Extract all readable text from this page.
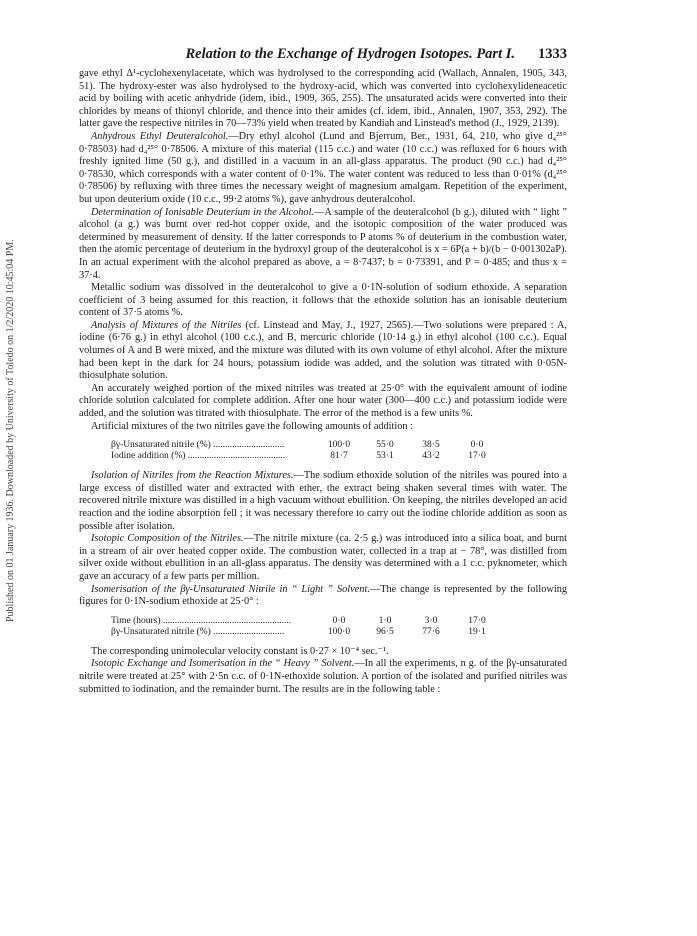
Published on 01 January 1936. Downloaded by University of Toledo on 1/2/2020 10:45:04 PM.
Relation to the Exchange of Hydrogen Isotopes. Part I. 1333

gave ethyl Δ¹-cyclohexenylacetate, which was hydrolysed to the corresponding acid (Wallach, Annalen, 1905, 343, 51). The hydroxy-ester was also hydrolysed to the hydroxy-acid, which was converted into cyclohexylideneacetic acid by boiling with acetic anhydride (idem, ibid., 1909, 365, 255). The unsaturated acids were converted into their chlorides by means of thionyl chloride, and thence into their amides (cf. idem, ibid., Annalen, 1907, 353, 292). The latter gave the respective nitriles in 70—73% yield when treated by Kandiah and Linstead's method (J., 1929, 2139).

Anhydrous Ethyl Deuteralcohol.—Dry ethyl alcohol (Lund and Bjerrum, Ber., 1931, 64, 210, who give d₄²⁵° 0·78503) had d₄²⁵° 0·78506. A mixture of this material (115 c.c.) and water (10 c.c.) was refluxed for 6 hours with freshly ignited lime (50 g.), and distilled in a vacuum in an all-glass apparatus. The product (90 c.c.) had d₄²⁵° 0·78530, which corresponds with a water content of 0·1%. The water content was reduced to less than 0·01% (d₄²⁵° 0·78506) by refluxing with three times the necessary weight of magnesium amalgam. Repetition of the experiment, but upon deuterium oxide (10 c.c., 99·2 atoms %), gave anhydrous deuteralcohol.

Determination of Ionisable Deuterium in the Alcohol.—A sample of the deuteralcohol (b g.), diluted with “ light ” alcohol (a g.) was burnt over red-hot copper oxide, and the isotopic composition of the water produced was determined by measurement of density. If the latter corresponds to P atoms % of deuterium in the combustion water, then the atomic percentage of deuterium in the hydroxyl group of the deuteralcohol is x = 6P(a + b)/(b − 0·001302aP). In an actual experiment with the alcohol prepared as above, a = 8·7437; b = 0·73391, and P = 0·485; and thus x = 37·4.

Metallic sodium was dissolved in the deuteralcohol to give a 0·1N-solution of sodium ethoxide. A separation coefficient of 3 being assumed for this reaction, it follows that the ethoxide solution has an ionisable deuterium content of 37·5 atoms %.

Analysis of Mixtures of the Nitriles (cf. Linstead and May, J., 1927, 2565).—Two solutions were prepared : A, iodine (6·76 g.) in ethyl alcohol (100 c.c.), and B, mercuric chloride (10·14 g.) in ethyl alcohol (100 c.c.). Equal volumes of A and B were mixed, and the mixture was diluted with its own volume of ethyl alcohol. After the mixture had been kept in the dark for 24 hours, potassium iodide was added, and the solution was titrated with 0·05N-thiosulphate solution.

An accurately weighed portion of the mixed nitriles was treated at 25·0° with the equivalent amount of iodine chloride solution calculated for complete addition. After one hour water (300—400 c.c.) and potassium iodide were added, and the solution was titrated with thiosulphate. The error of the method is a few units %.

Artificial mixtures of the two nitriles gave the following amounts of addition :

βγ-Unsaturated nitrile (%) ..............................	100·0	55·0	38·5	0·0
Iodine addition (%) .........................................	81·7	53·1	43·2	17·0

Isolation of Nitriles from the Reaction Mixtures.—The sodium ethoxide solution of the nitriles was poured into a large excess of distilled water and extracted with ether, the extract being shaken several times with water. The recovered nitrile mixture was distilled in a high vacuum without ebullition. On keeping, the nitriles developed an acid reaction and the iodine absorption fell ; it was necessary therefore to carry out the iodine chloride addition as soon as possible after isolation.

Isotopic Composition of the Nitriles.—The nitrile mixture (ca. 2·5 g.) was introduced into a silica boat, and burnt in a stream of air over heated copper oxide. The combustion water, collected in a trap at − 78°, was distilled from silver oxide without ebullition in an all-glass apparatus. The density was determined with a 1 c.c. pyknometer, which gave an accuracy of a few parts per million.

Isomerisation of the βγ-Unsaturated Nitrile in “ Light ” Solvent.—The change is represented by the following figures for 0·1N-sodium ethoxide at 25·0° :

Time (hours) ......................................................	0·0	1·0	3·0	17·0
βγ-Unsaturated nitrile (%) ..............................	100·0	96·5	77·6	19·1

The corresponding unimolecular velocity constant is 0·27 × 10⁻⁴ sec.⁻¹.

Isotopic Exchange and Isomerisation in the “ Heavy ” Solvent.—In all the experiments, n g. of the βγ-unsaturated nitrile were treated at 25° with 2·5n c.c. of 0·1N-ethoxide solution. A portion of the isolated and purified nitriles was submitted to iodination, and the remainder burnt. The results are in the following table :
